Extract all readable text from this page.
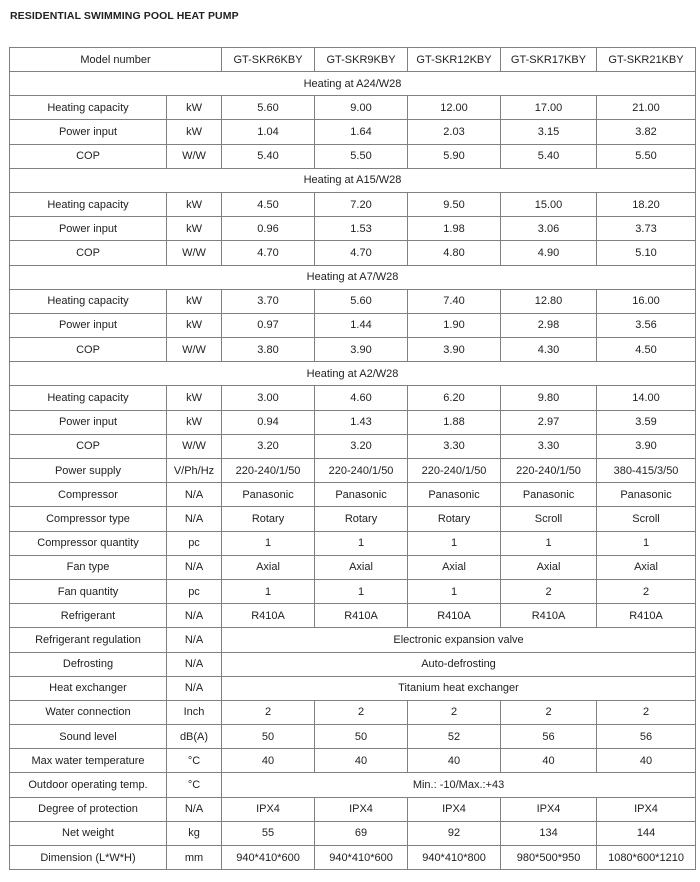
RESIDENTIAL SWIMMING POOL HEAT PUMP
Model number		GT-SKR6KBY	GT-SKR9KBY	GT-SKR12KBY	GT-SKR17KBY	GT-SKR21KBY
Heating at A24/W28						
Heating capacity	kW	5.60	9.00	12.00	17.00	21.00
Power input	kW	1.04	1.64	2.03	3.15	3.82
COP	W/W	5.40	5.50	5.90	5.40	5.50
Heating at A15/W28						
Heating capacity	kW	4.50	7.20	9.50	15.00	18.20
Power input	kW	0.96	1.53	1.98	3.06	3.73
COP	W/W	4.70	4.70	4.80	4.90	5.10
Heating at A7/W28						
Heating capacity	kW	3.70	5.60	7.40	12.80	16.00
Power input	kW	0.97	1.44	1.90	2.98	3.56
COP	W/W	3.80	3.90	3.90	4.30	4.50
Heating at A2/W28						
Heating capacity	kW	3.00	4.60	6.20	9.80	14.00
Power input	kW	0.94	1.43	1.88	2.97	3.59
COP	W/W	3.20	3.20	3.30	3.30	3.90
Power supply	V/Ph/Hz	220-240/1/50	220-240/1/50	220-240/1/50	220-240/1/50	380-415/3/50
Compressor	N/A	Panasonic	Panasonic	Panasonic	Panasonic	Panasonic
Compressor type	N/A	Rotary	Rotary	Rotary	Scroll	Scroll
Compressor quantity	pc	1	1	1	1	1
Fan type	N/A	Axial	Axial	Axial	Axial	Axial
Fan quantity	pc	1	1	1	2	2
Refrigerant	N/A	R410A	R410A	R410A	R410A	R410A
Refrigerant regulation	N/A	Electronic expansion valve				
Defrosting	N/A	Auto-defrosting				
Heat exchanger	N/A	Titanium heat exchanger				
Water connection	Inch	2	2	2	2	2
Sound level	dB(A)	50	50	52	56	56
Max water temperature	°C	40	40	40	40	40
Outdoor operating temp.	°C	Min.: -10/Max.:+43				
Degree of protection	N/A	IPX4	IPX4	IPX4	IPX4	IPX4
Net weight	kg	55	69	92	134	144
Dimension (L*W*H)	mm	940*410*600	940*410*600	940*410*800	980*500*950	1080*600*1210
